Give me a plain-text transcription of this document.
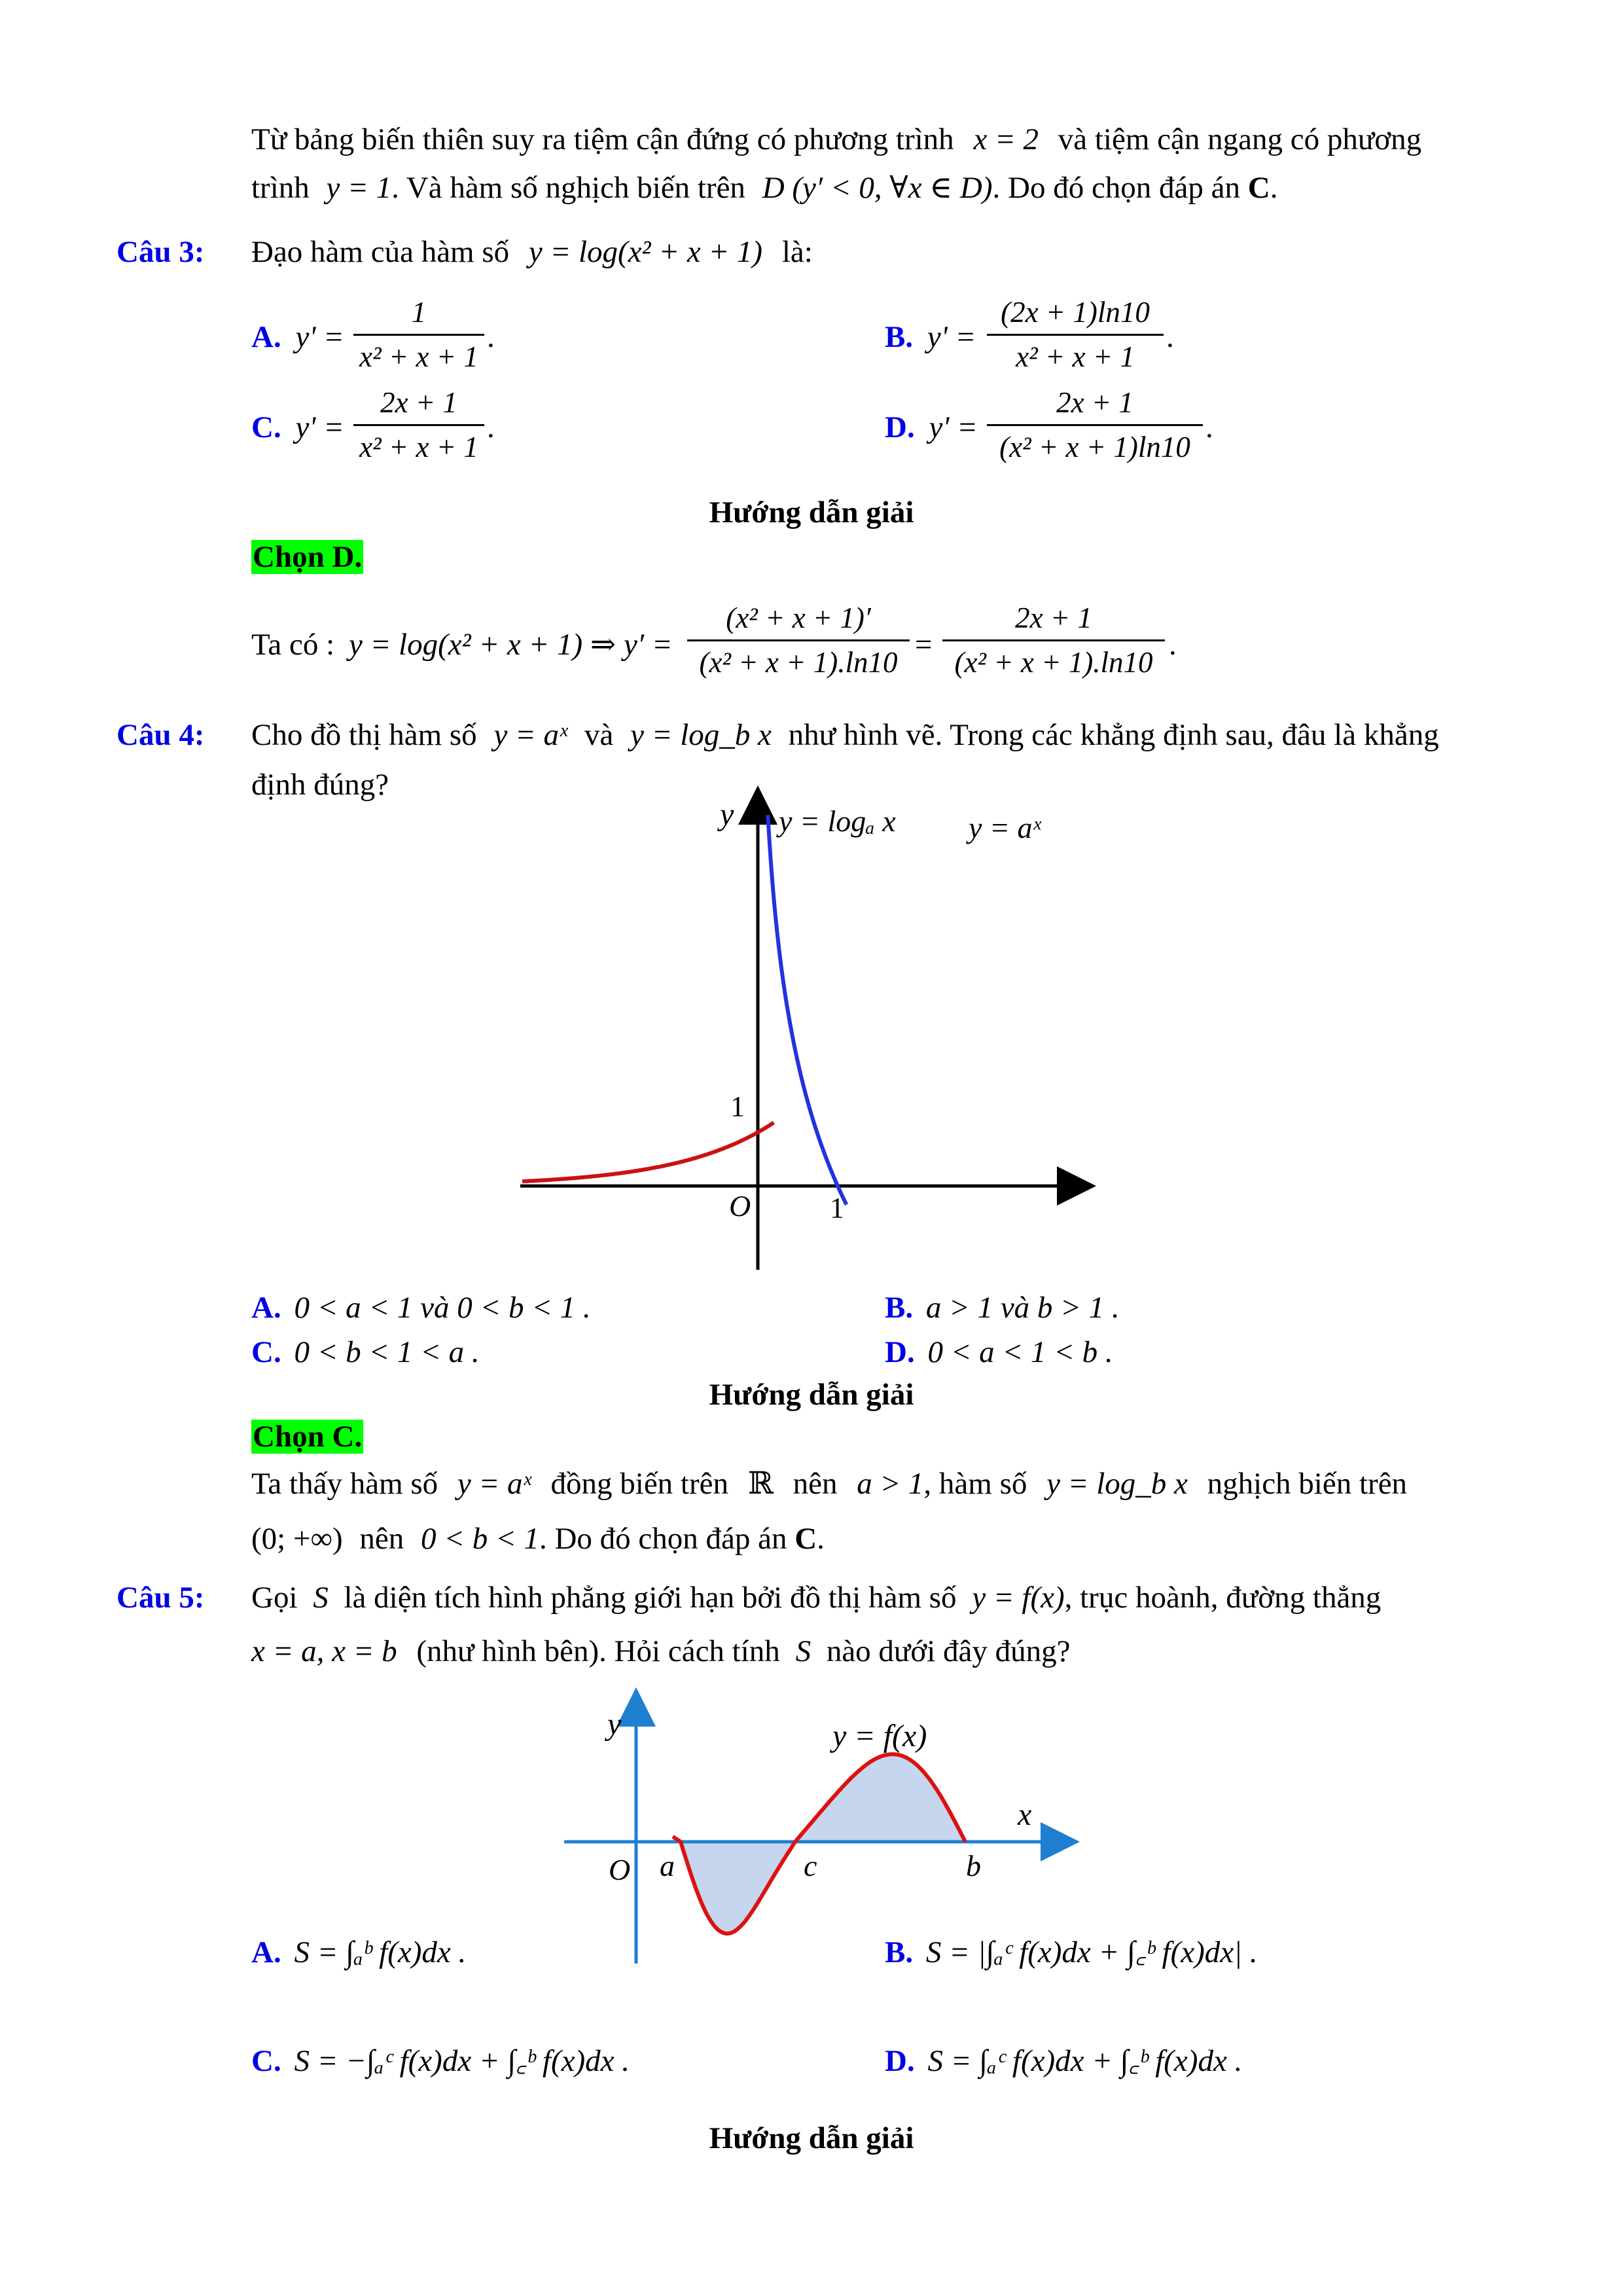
Từ bảng biến thiên suy ra tiệm cận đứng có phương trình x = 2 và tiệm cận ngang có phương
trình y = 1. Và hàm số nghịch biến trên D (y′ < 0, ∀x ∈ D). Do đó chọn đáp án C.
Câu 3: Đạo hàm của hàm số y = log(x² + x + 1) là:
A. y' =
1
x² + x + 1
.	B. y' =
(2x + 1)ln10
x² + x + 1
.
C. y' =
2x + 1
x² + x + 1
.	D. y' =
2x + 1
(x² + x + 1)ln10
.
Hướng dẫn giải
Chọn D.
Ta có : y = log(x² + x + 1) ⇒ y′ =
(x² + x + 1)′
(x² + x + 1).ln10
=
2x + 1
(x² + x + 1).ln10
.
Câu 4: Cho đồ thị hàm số y = aˣ và y = log_b x như hình vẽ. Trong các khẳng định sau, đâu là khẳng
định đúng?
y y = logₐ x y = aˣ
1
O	1
A. 0 < a < 1 và 0 < b < 1 .	B. a > 1 và b > 1 .
C. 0 < b < 1 < a .	D. 0 < a < 1 < b .
Hướng dẫn giải
Chọn C.
Ta thấy hàm số y = aˣ đồng biến trên ℝ nên a > 1, hàm số y = log_b x nghịch biến trên
(0; +∞) nên 0 < b < 1. Do đó chọn đáp án C.
Câu 5: Gọi S là diện tích hình phẳng giới hạn bởi đồ thị hàm số y = f(x), trục hoành, đường thẳng
x = a, x = b (như hình bên). Hỏi cách tính S nào dưới đây đúng?
y
x
y = f(x)
O a	c	b
A. S = ∫ₐᵇ f(x)dx .	B. S = |∫ₐᶜ f(x)dx + ∫꜀ᵇ f(x)dx| .
C. S = −∫ₐᶜ f(x)dx + ∫꜀ᵇ f(x)dx .	D. S = ∫ₐᶜ f(x)dx + ∫꜀ᵇ f(x)dx .
Hướng dẫn giải
